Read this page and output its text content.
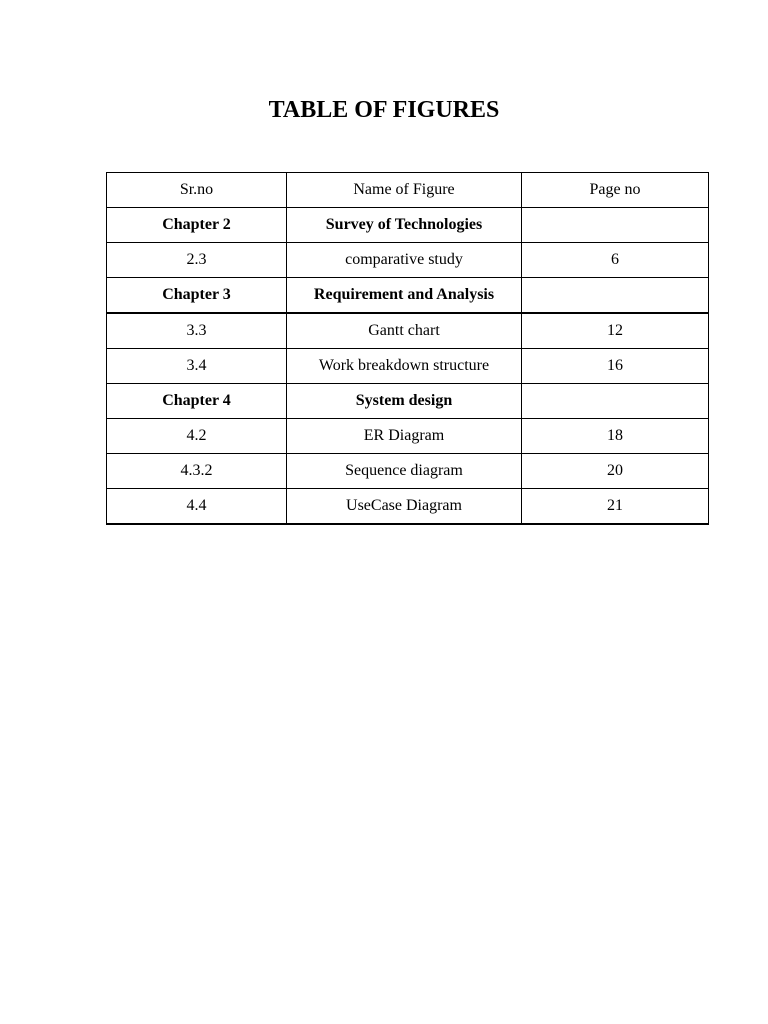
TABLE OF FIGURES
Sr.no	Name of Figure	Page no
Chapter 2	Survey of Technologies	
2.3	comparative study	6
Chapter 3	Requirement and Analysis	
3.3	Gantt chart	12
3.4	Work breakdown structure	16
Chapter 4	System design	
4.2	ER Diagram	18
4.3.2	Sequence diagram	20
4.4	UseCase Diagram	21
